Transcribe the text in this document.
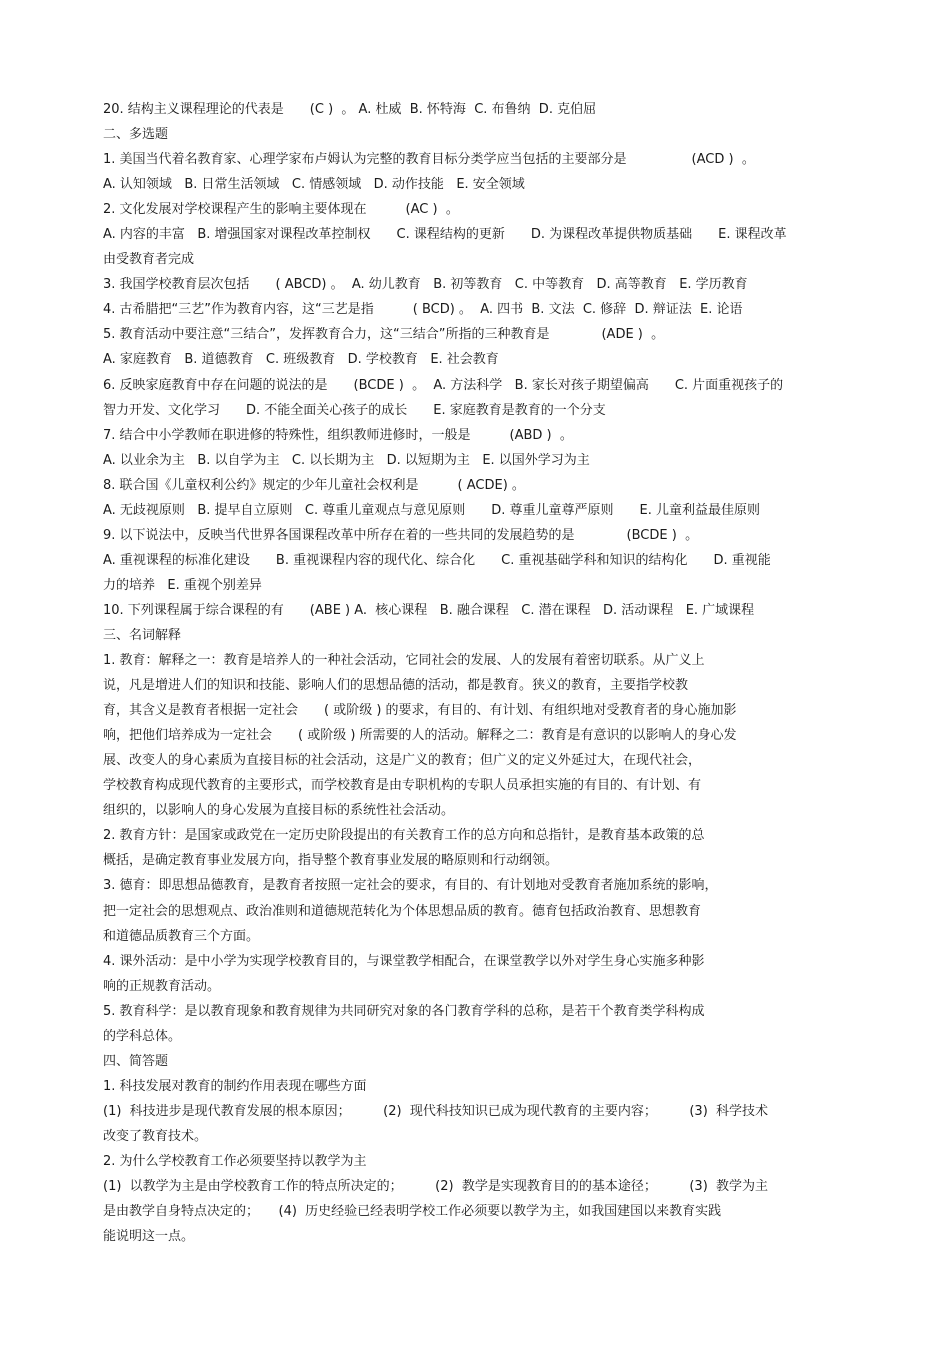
20. 结构主义课程理论的代表是　　(C )  。 A. 杜威  B. 怀特海  C. 布鲁纳  D. 克伯屈
二、多选题
1. 美国当代着名教育家、心理学家布卢姆认为完整的教育目标分类学应当包括的主要部分是　　　　　(ACD )  。
A. 认知领域   B. 日常生活领域   C. 情感领域   D. 动作技能   E. 安全领域
2. 文化发展对学校课程产生的影响主要体现在　　　(AC )  。
A. 内容的丰富   B. 增强国家对课程改革控制权　　C. 课程结构的更新　　D. 为课程改革提供物质基础　　E. 课程改革
由受教育者完成
3. 我国学校教育层次包括　　( ABCD) 。  A. 幼儿教育   B. 初等教育   C. 中等教育   D. 高等教育   E. 学历教育
4. 古希腊把“三艺”作为教育内容，这“三艺是指　　　( BCD) 。  A. 四书  B. 文法  C. 修辞  D. 辩证法  E. 论语
5. 教育活动中要注意“三结合”，发挥教育合力，这“三结合”所指的三种教育是　　　　(ADE )  。
A. 家庭教育   B. 道德教育   C. 班级教育   D. 学校教育   E. 社会教育
6. 反映家庭教育中存在问题的说法的是　　(BCDE )  。  A. 方法科学   B. 家长对孩子期望偏高　　C. 片面重视孩子的
智力开发、文化学习　　D. 不能全面关心孩子的成长　　E. 家庭教育是教育的一个分支
7. 结合中小学教师在职进修的特殊性，组织教师进修时，一般是　　　(ABD )  。
A. 以业余为主   B. 以自学为主   C. 以长期为主   D. 以短期为主   E. 以国外学习为主
8. 联合国《儿童权利公约》规定的少年儿童社会权利是　　　( ACDE) 。
A. 无歧视原则   B. 提早自立原则   C. 尊重儿童观点与意见原则　　D. 尊重儿童尊严原则　　E. 儿童利益最佳原则
9. 以下说法中，反映当代世界各国课程改革中所存在着的一些共同的发展趋势的是　　　　(BCDE )  。
A. 重视课程的标准化建设　　B. 重视课程内容的现代化、综合化　　C. 重视基础学科和知识的结构化　　D. 重视能
力的培养   E. 重视个别差异
10. 下列课程属于综合课程的有　　(ABE ) A.  核心课程   B. 融合课程   C. 潜在课程   D. 活动课程   E. 广域课程
三、名词解释
1. 教育：解释之一：教育是培养人的一种社会活动，它同社会的发展、人的发展有着密切联系。从广义上
说，凡是增进人们的知识和技能、影响人们的思想品德的活动，都是教育。狭义的教育，主要指学校教
育，其含义是教育者根据一定社会　　( 或阶级 ) 的要求，有目的、有计划、有组织地对受教育者的身心施加影
响，把他们培养成为一定社会　　( 或阶级 ) 所需要的人的活动。解释之二：教育是有意识的以影响人的身心发
展、改变人的身心素质为直接目标的社会活动，这是广义的教育；但广义的定义外延过大，在现代社会，
学校教育构成现代教育的主要形式，而学校教育是由专职机构的专职人员承担实施的有目的、有计划、有
组织的，以影响人的身心发展为直接目标的系统性社会活动。
2. 教育方针：是国家或政党在一定历史阶段提出的有关教育工作的总方向和总指针，是教育基本政策的总
概括，是确定教育事业发展方向，指导整个教育事业发展的略原则和行动纲领。
3. 德育：即思想品德教育，是教育者按照一定社会的要求，有目的、有计划地对受教育者施加系统的影响，
把一定社会的思想观点、政治准则和道德规范转化为个体思想品质的教育。德育包括政治教育、思想教育
和道德品质教育三个方面。
4. 课外活动：是中小学为实现学校教育目的，与课堂教学相配合，在课堂教学以外对学生身心实施多种影
响的正规教育活动。
5. 教育科学：是以教育现象和教育规律为共同研究对象的各门教育学科的总称，是若干个教育类学科构成
的学科总体。
四、简答题
1. 科技发展对教育的制约作用表现在哪些方面
(1)  科技进步是现代教育发展的根本原因；　　　(2)  现代科技知识已成为现代教育的主要内容；　　　(3)  科学技术
改变了教育技术。
2. 为什么学校教育工作必须要坚持以教学为主
(1)  以教学为主是由学校教育工作的特点所决定的；　　　(2)  教学是实现教育目的的基本途径；　　　(3)  教学为主
是由教学自身特点决定的；　　(4)  历史经验已经表明学校工作必须要以教学为主，如我国建国以来教育实践
能说明这一点。
